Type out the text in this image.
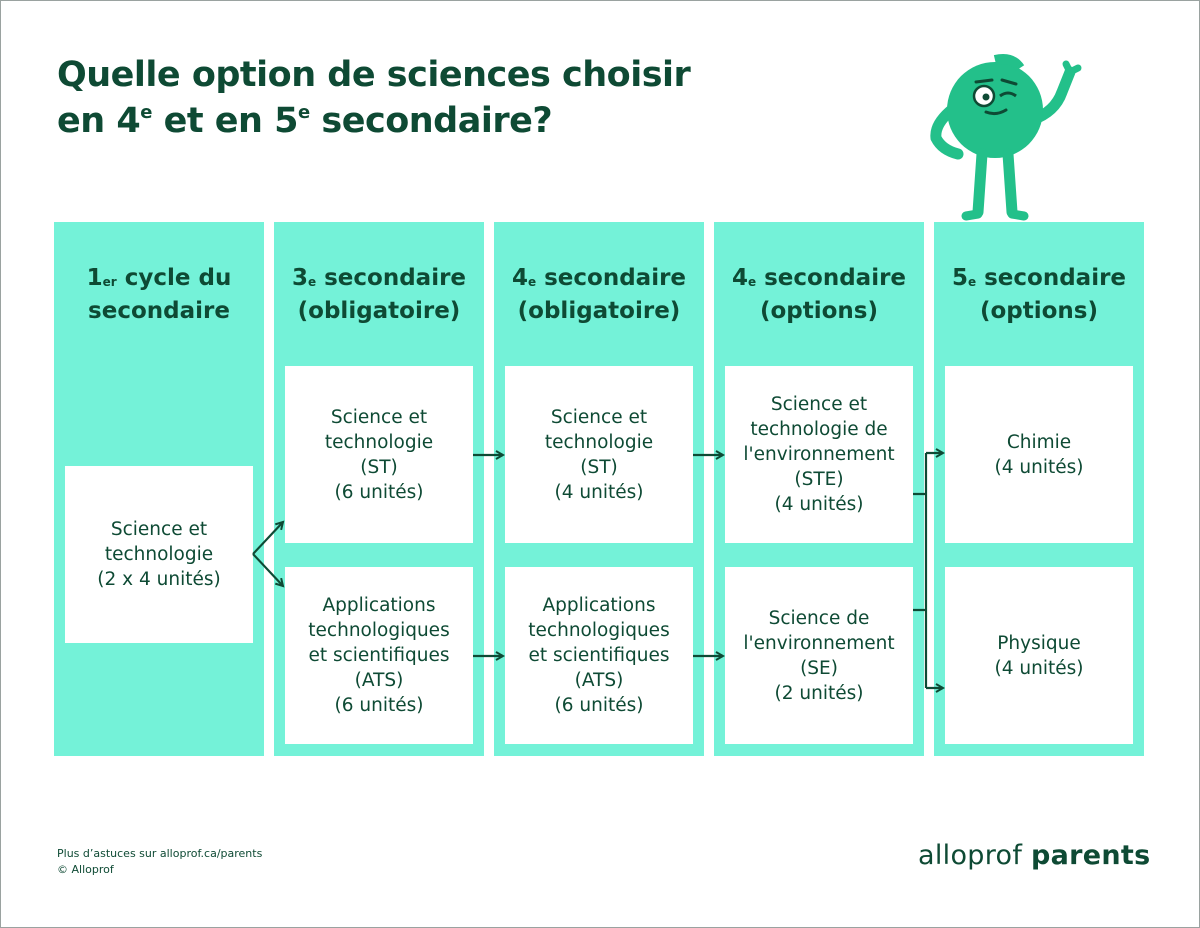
Quelle option de sciences choisir
en 4e et en 5e secondaire?
1er cycle du
secondaire
3e secondaire
(obligatoire)
4e secondaire
(obligatoire)
4e secondaire
(options)
5e secondaire
(options)
Science et
technologie
(2 x 4 unités)
Science et
technologie
(ST)
(6 unités)
Applications
technologiques
et scientifiques
(ATS)
(6 unités)
Science et
technologie
(ST)
(4 unités)
Applications
technologiques
et scientifiques
(ATS)
(6 unités)
Science et
technologie de
l'environnement
(STE)
(4 unités)
Science de
l'environnement
(SE)
(2 unités)
Chimie
(4 unités)
Physique
(4 unités)
Plus d’astuces sur alloprof.ca/parents
© Alloprof	alloprof parents
